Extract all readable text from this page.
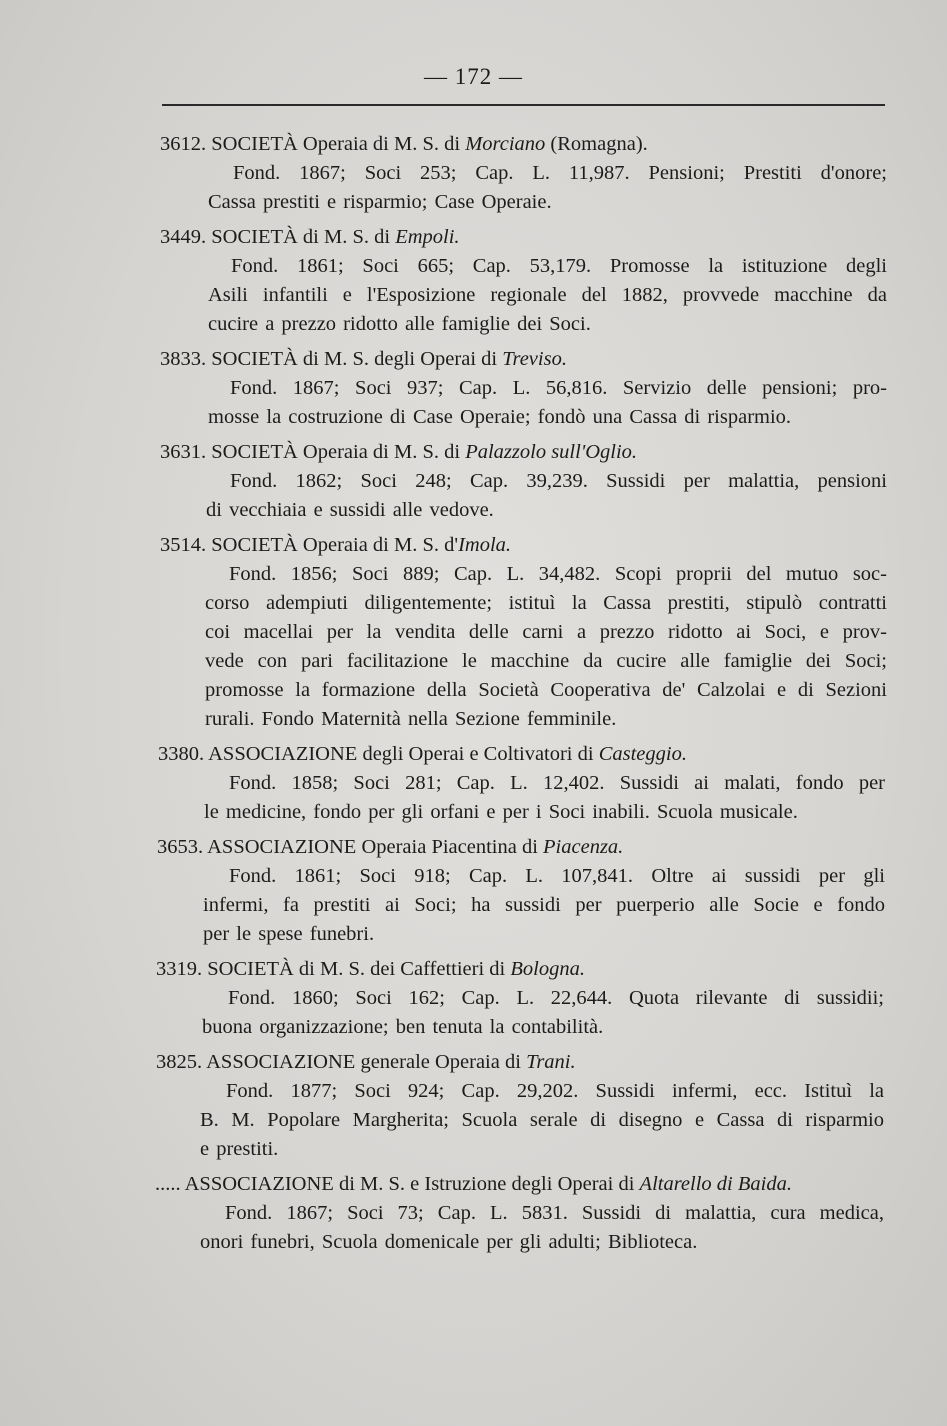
— 172 —
3612. SOCIETÀ Operaia di M. S. di Morciano (Romagna).
Fond. 1867; Soci 253; Cap. L. 11,987. Pensioni; Prestiti d'onore;
Cassa prestiti e risparmio; Case Operaie.
3449. SOCIETÀ di M. S. di Empoli.
Fond. 1861; Soci 665; Cap. 53,179. Promosse la istituzione degli
Asili infantili e l'Esposizione regionale del 1882, provvede macchine da
cucire a prezzo ridotto alle famiglie dei Soci.
3833. SOCIETÀ di M. S. degli Operai di Treviso.
Fond. 1867; Soci 937; Cap. L. 56,816. Servizio delle pensioni; pro-
mosse la costruzione di Case Operaie; fondò una Cassa di risparmio.
3631. SOCIETÀ Operaia di M. S. di Palazzolo sull'Oglio.
Fond. 1862; Soci 248; Cap. 39,239. Sussidi per malattia, pensioni
di vecchiaia e sussidi alle vedove.
3514. SOCIETÀ Operaia di M. S. d'Imola.
Fond. 1856; Soci 889; Cap. L. 34,482. Scopi proprii del mutuo soc-
corso adempiuti diligentemente; istituì la Cassa prestiti, stipulò contratti
coi macellai per la vendita delle carni a prezzo ridotto ai Soci, e prov-
vede con pari facilitazione le macchine da cucire alle famiglie dei Soci;
promosse la formazione della Società Cooperativa de' Calzolai e di Sezioni
rurali. Fondo Maternità nella Sezione femminile.
3380. ASSOCIAZIONE degli Operai e Coltivatori di Casteggio.
Fond. 1858; Soci 281; Cap. L. 12,402. Sussidi ai malati, fondo per
le medicine, fondo per gli orfani e per i Soci inabili. Scuola musicale.
3653. ASSOCIAZIONE Operaia Piacentina di Piacenza.
Fond. 1861; Soci 918; Cap. L. 107,841. Oltre ai sussidi per gli
infermi, fa prestiti ai Soci; ha sussidi per puerperio alle Socie e fondo
per le spese funebri.
3319. SOCIETÀ di M. S. dei Caffettieri di Bologna.
Fond. 1860; Soci 162; Cap. L. 22,644. Quota rilevante di sussidii;
buona organizzazione; ben tenuta la contabilità.
3825. ASSOCIAZIONE generale Operaia di Trani.
Fond. 1877; Soci 924; Cap. 29,202. Sussidi infermi, ecc. Istituì la
B. M. Popolare Margherita; Scuola serale di disegno e Cassa di risparmio
e prestiti.
..... ASSOCIAZIONE di M. S. e Istruzione degli Operai di Altarello di Baida.
Fond. 1867; Soci 73; Cap. L. 5831. Sussidi di malattia, cura medica,
onori funebri, Scuola domenicale per gli adulti; Biblioteca.
